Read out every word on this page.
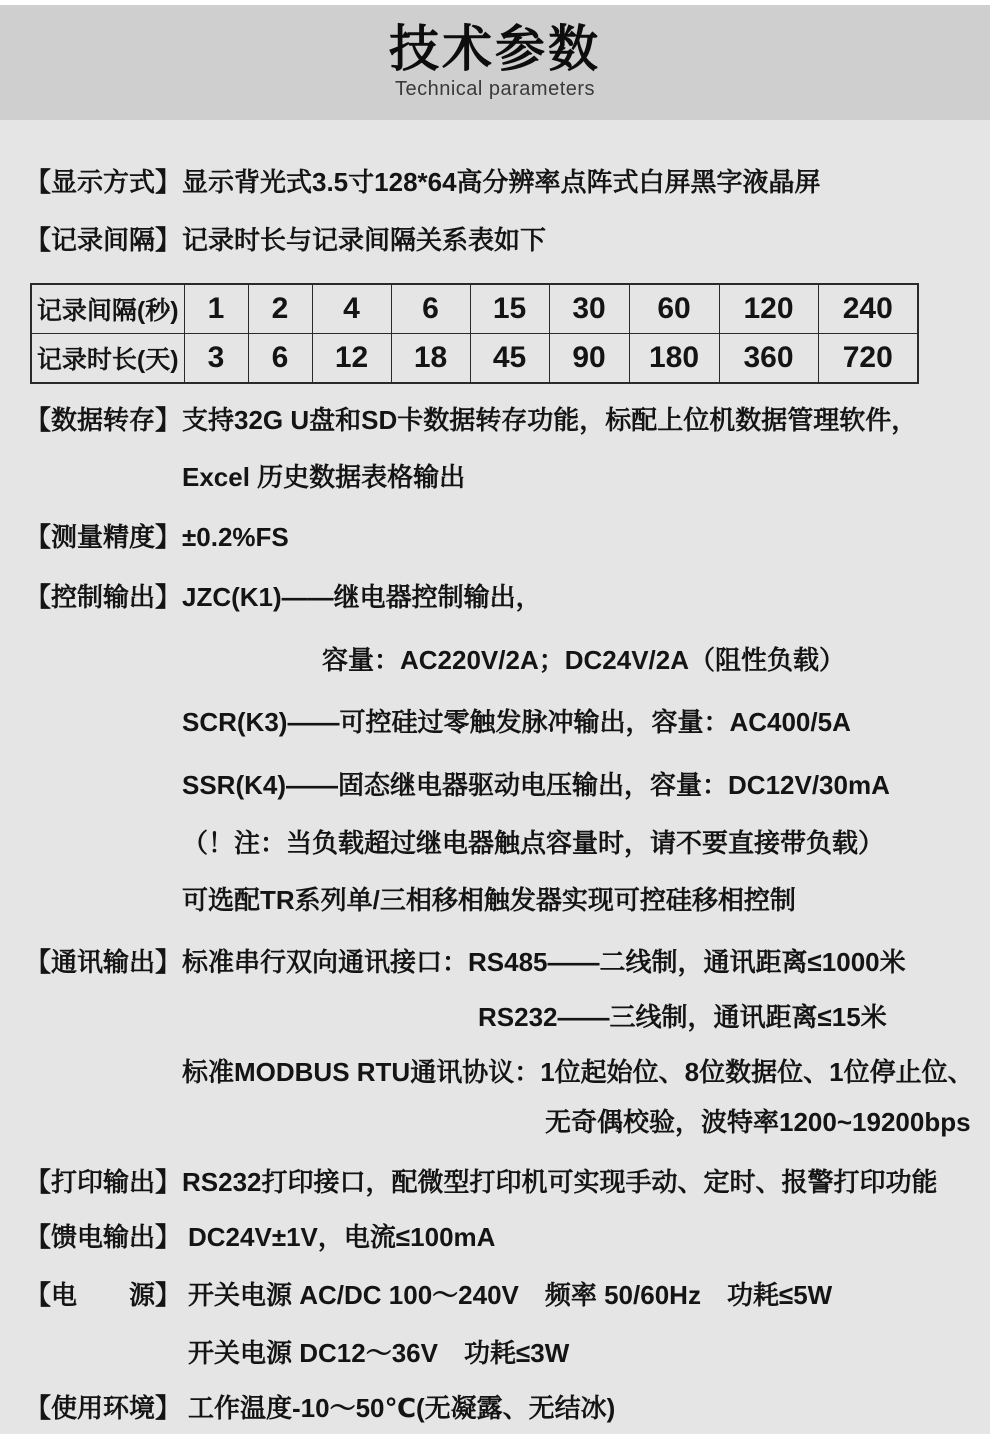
技术参数
Technical parameters
【显示方式】 显示背光式3.5寸128*64高分辨率点阵式白屏黑字液晶屏
【记录间隔】 记录时长与记录间隔关系表如下
记录间隔(秒)	1	2	4	6	15	30	60	120	240
记录时长(天)	3	6	12	18	45	90	180	360	720
【数据转存】 支持32G U盘和SD卡数据转存功能，标配上位机数据管理软件，
Excel 历史数据表格输出
【测量精度】 ±0.2%FS
【控制输出】 JZC(K1)——继电器控制输出，
容量：AC220V/2A；DC24V/2A（阻性负载）
SCR(K3)——可控硅过零触发脉冲输出，容量：AC400/5A
SSR(K4)——固态继电器驱动电压输出，容量：DC12V/30mA
（！注：当负载超过继电器触点容量时，请不要直接带负载）
可选配TR系列单/三相移相触发器实现可控硅移相控制
【通讯输出】 标准串行双向通讯接口：RS485——二线制，通讯距离≤1000米
RS232——三线制，通讯距离≤15米
标准MODBUS RTU通讯协议：1位起始位、8位数据位、1位停止位、
无奇偶校验，波特率1200~19200bps
【打印输出】 RS232打印接口，配微型打印机可实现手动、定时、报警打印功能
【馈电输出】 DC24V±1V，电流≤100mA
【电　　源】 开关电源 AC/DC 100～240V　频率 50/60Hz　功耗≤5W
开关电源 DC12～36V　功耗≤3W
【使用环境】 工作温度-10～50℃(无凝露、无结冰)
